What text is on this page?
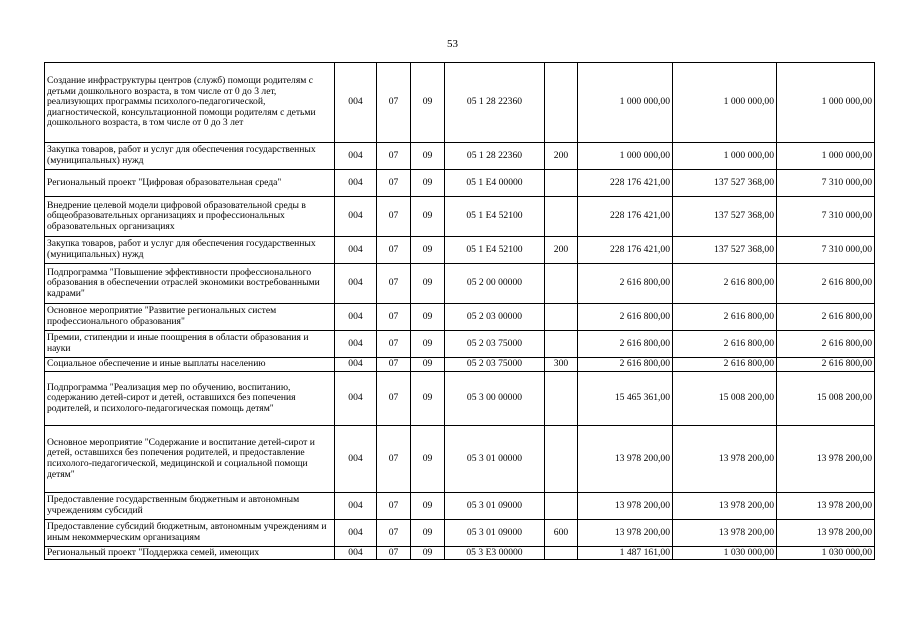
53
Создание инфраструктуры центров (служб) помощи родителям с детьми дошкольного возраста, в том числе от 0 до 3 лет, реализующих программы психолого-педагогической, диагностической, консультационной помощи родителям с детьми дошкольного возраста, в том числе от 0 до 3 лет	004	07	09	05 1 28 22360		1 000 000,00	1 000 000,00	1 000 000,00
Закупка товаров, работ и услуг для обеспечения государственных (муниципальных) нужд	004	07	09	05 1 28 22360	200	1 000 000,00	1 000 000,00	1 000 000,00
Региональный проект "Цифровая образовательная среда"	004	07	09	05 1 E4 00000		228 176 421,00	137 527 368,00	7 310 000,00
Внедрение целевой модели цифровой образовательной среды в общеобразовательных организациях и профессиональных образовательных организациях	004	07	09	05 1 E4 52100		228 176 421,00	137 527 368,00	7 310 000,00
Закупка товаров, работ и услуг для обеспечения государственных (муниципальных) нужд	004	07	09	05 1 E4 52100	200	228 176 421,00	137 527 368,00	7 310 000,00
Подпрограмма "Повышение эффективности профессионального образования в обеспечении отраслей экономики востребованными кадрами"	004	07	09	05 2 00 00000		2 616 800,00	2 616 800,00	2 616 800,00
Основное мероприятие "Развитие региональных систем профессионального образования"	004	07	09	05 2 03 00000		2 616 800,00	2 616 800,00	2 616 800,00
Премии, стипендии и иные поощрения в области образования и науки	004	07	09	05 2 03 75000		2 616 800,00	2 616 800,00	2 616 800,00
Социальное обеспечение и иные выплаты населению	004	07	09	05 2 03 75000	300	2 616 800,00	2 616 800,00	2 616 800,00
Подпрограмма "Реализация мер по обучению, воспитанию, содержанию детей-сирот и детей, оставшихся без попечения родителей, и психолого-педагогическая помощь детям"	004	07	09	05 3 00 00000		15 465 361,00	15 008 200,00	15 008 200,00
Основное мероприятие "Содержание и воспитание детей-сирот и детей, оставшихся без попечения родителей, и предоставление психолого-педагогической, медицинской и социальной помощи детям"	004	07	09	05 3 01 00000		13 978 200,00	13 978 200,00	13 978 200,00
Предоставление государственным бюджетным и автономным учреждениям субсидий	004	07	09	05 3 01 09000		13 978 200,00	13 978 200,00	13 978 200,00
Предоставление субсидий бюджетным, автономным учреждениям и иным некоммерческим организациям	004	07	09	05 3 01 09000	600	13 978 200,00	13 978 200,00	13 978 200,00
Региональный проект "Поддержка семей, имеющих	004	07	09	05 3 E3 00000		1 487 161,00	1 030 000,00	1 030 000,00
